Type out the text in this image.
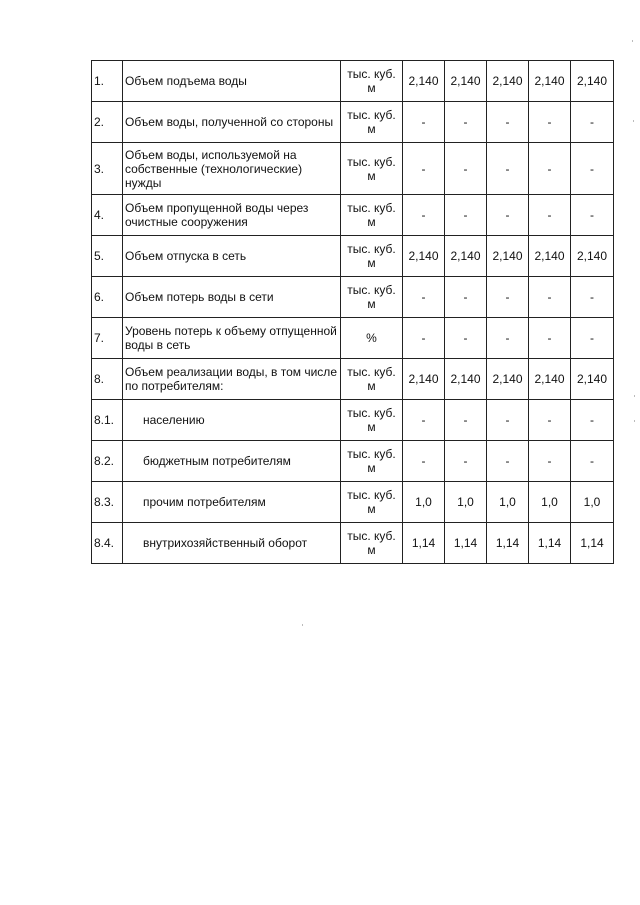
1.	Объем подъема воды	тыс. куб. м	2,140	2,140	2,140	2,140	2,140
2.	Объем воды, полученной со стороны	тыс. куб. м	-	-	-	-	-
3.	Объем воды, используемой на собственные (технологические) нужды	тыс. куб. м	-	-	-	-	-
4.	Объем пропущенной воды через очистные сооружения	тыс. куб. м	-	-	-	-	-
5.	Объем отпуска в сеть	тыс. куб. м	2,140	2,140	2,140	2,140	2,140
6.	Объем потерь воды в сети	тыс. куб. м	-	-	-	-	-
7.	Уровень потерь к объему отпущенной воды в сеть	%	-	-	-	-	-
8.	Объем реализации воды, в том числе по потребителям:	тыс. куб. м	2,140	2,140	2,140	2,140	2,140
8.1.	населению	тыс. куб. м	-	-	-	-	-
8.2.	бюджетным потребителям	тыс. куб. м	-	-	-	-	-
8.3.	прочим потребителям	тыс. куб. м	1,0	1,0	1,0	1,0	1,0
8.4.	внутрихозяйственный оборот	тыс. куб. м	1,14	1,14	1,14	1,14	1,14
